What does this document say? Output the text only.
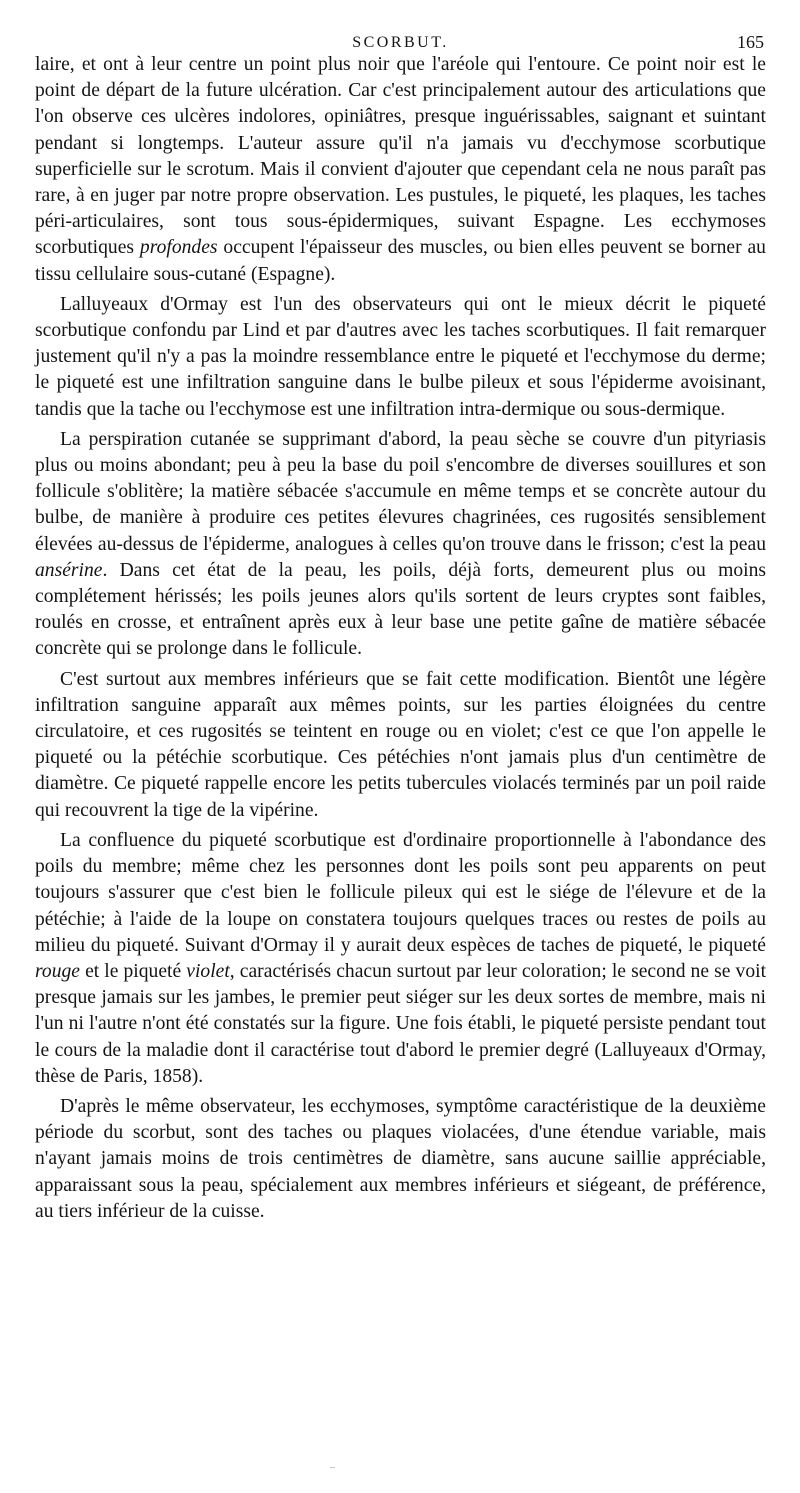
SCORBUT.	165

laire, et ont à leur centre un point plus noir que l'aréole qui l'entoure. Ce point noir est le point de départ de la future ulcération. Car c'est principalement autour des articulations que l'on observe ces ulcères indolores, opiniâtres, presque inguérissables, saignant et suintant pendant si longtemps. L'auteur assure qu'il n'a jamais vu d'ecchymose scorbutique superficielle sur le scrotum. Mais il convient d'ajouter que cependant cela ne nous paraît pas rare, à en juger par notre propre observation. Les pustules, le piqueté, les plaques, les taches péri-articulaires, sont tous sous-épidermiques, suivant Espagne. Les ecchymoses scorbutiques profondes occupent l'épaisseur des muscles, ou bien elles peuvent se borner au tissu cellulaire sous-cutané (Espagne).

Lalluyeaux d'Ormay est l'un des observateurs qui ont le mieux décrit le piqueté scorbutique confondu par Lind et par d'autres avec les taches scorbutiques. Il fait remarquer justement qu'il n'y a pas la moindre ressemblance entre le piqueté et l'ecchymose du derme; le piqueté est une infiltration sanguine dans le bulbe pileux et sous l'épiderme avoisinant, tandis que la tache ou l'ecchymose est une infiltration intra-dermique ou sous-dermique.

La perspiration cutanée se supprimant d'abord, la peau sèche se couvre d'un pityriasis plus ou moins abondant; peu à peu la base du poil s'encombre de diverses souillures et son follicule s'oblitère; la matière sébacée s'accumule en même temps et se concrète autour du bulbe, de manière à produire ces petites élevures chagrinées, ces rugosités sensiblement élevées au-dessus de l'épiderme, analogues à celles qu'on trouve dans le frisson; c'est la peau ansérine. Dans cet état de la peau, les poils, déjà forts, demeurent plus ou moins complétement hérissés; les poils jeunes alors qu'ils sortent de leurs cryptes sont faibles, roulés en crosse, et entraînent après eux à leur base une petite gaîne de matière sébacée concrète qui se prolonge dans le follicule.

C'est surtout aux membres inférieurs que se fait cette modification. Bientôt une légère infiltration sanguine apparaît aux mêmes points, sur les parties éloignées du centre circulatoire, et ces rugosités se teintent en rouge ou en violet; c'est ce que l'on appelle le piqueté ou la pétéchie scorbutique. Ces pétéchies n'ont jamais plus d'un centimètre de diamètre. Ce piqueté rappelle encore les petits tubercules violacés terminés par un poil raide qui recouvrent la tige de la vipérine.

La confluence du piqueté scorbutique est d'ordinaire proportionnelle à l'abondance des poils du membre; même chez les personnes dont les poils sont peu apparents on peut toujours s'assurer que c'est bien le follicule pileux qui est le siége de l'élevure et de la pétéchie; à l'aide de la loupe on constatera toujours quelques traces ou restes de poils au milieu du piqueté. Suivant d'Ormay il y aurait deux espèces de taches de piqueté, le piqueté rouge et le piqueté violet, caractérisés chacun surtout par leur coloration; le second ne se voit presque jamais sur les jambes, le premier peut siéger sur les deux sortes de membre, mais ni l'un ni l'autre n'ont été constatés sur la figure. Une fois établi, le piqueté persiste pendant tout le cours de la maladie dont il caractérise tout d'abord le premier degré (Lalluyeaux d'Ormay, thèse de Paris, 1858).

D'après le même observateur, les ecchymoses, symptôme caractéristique de la deuxième période du scorbut, sont des taches ou plaques violacées, d'une étendue variable, mais n'ayant jamais moins de trois centimètres de diamètre, sans aucune saillie appréciable, apparaissant sous la peau, spécialement aux membres inférieurs et siégeant, de préférence, au tiers inférieur de la cuisse.
